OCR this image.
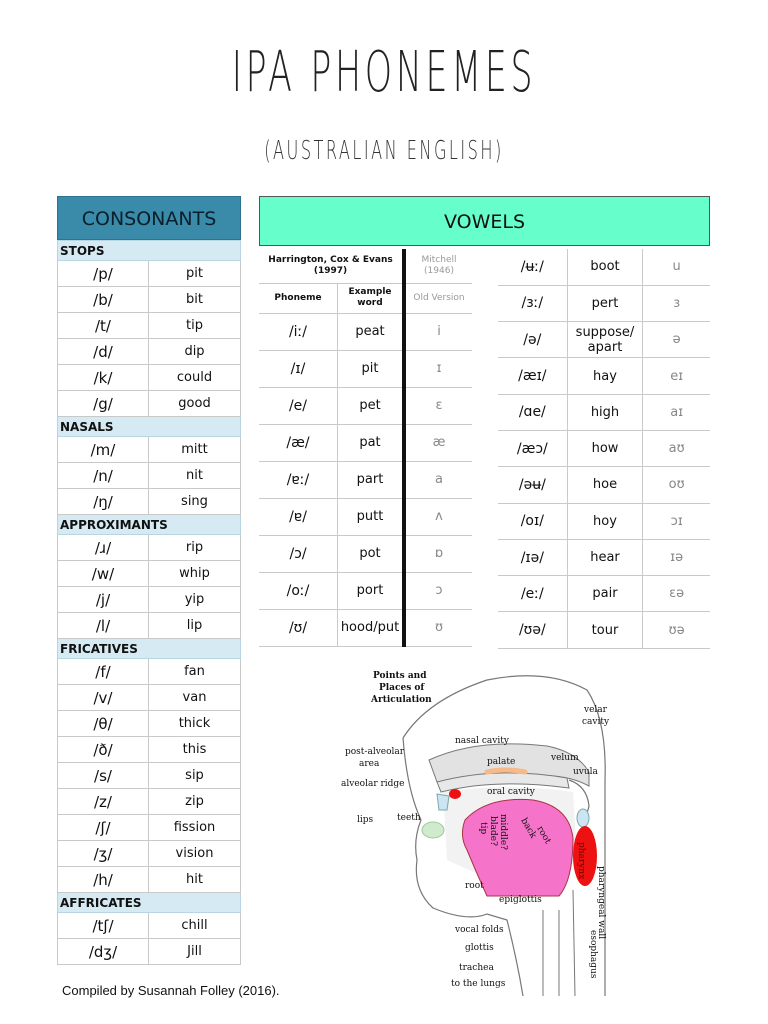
IPA PHONEMES
(AUSTRALIAN ENGLISH)
CONSONANTS
STOPS	
/p/	pit
/b/	bit
/t/	tip
/d/	dip
/k/	could
/g/	good
NASALS	
/m/	mitt
/n/	nit
/ŋ/	sing
APPROXIMANTS	
/ɹ/	rip
/w/	whip
/j/	yip
/l/	lip
FRICATIVES	
/f/	fan
/v/	van
/θ/	thick
/ð/	this
/s/	sip
/z/	zip
/ʃ/	fission
/ʒ/	vision
/h/	hit
AFFRICATES	
/tʃ/	chill
/dʒ/	Jill
VOWELS
Harrington, Cox & Evans (1997)		Mitchell (1946)
Phoneme	Example word	Old Version
/iː/	peat	i
/ɪ/	pit	ɪ
/e/	pet	ɛ
/æ/	pat	æ
/ɐː/	part	a
/ɐ/	putt	ʌ
/ɔ/	pot	ɒ
/oː/	port	ɔ
/ʊ/	hood/put	ʊ
/ʉː/	boot	u
/ɜː/	pert	ɜ
/ə/	suppose/ apart	ə
/æɪ/	hay	eɪ
/ɑe/	high	aɪ
/æɔ/	how	aʊ
/əʉ/	hoe	oʊ
/oɪ/	hoy	ɔɪ
/ɪə/	hear	ɪə
/eː/	pair	ɛə
/ʊə/	tour	ʊə
Points and
Places of
Articulation
velar
cavity
nasal cavity
post-alveolar
area	palate	velum
uvula
alveolar ridge
oral cavity
lips	teeth	back
root
middle?
blade?
tip
pharynx
pharyngeal wall
root
epiglottis
vocal folds
glottis
trachea
to the lungs
esophagus
Compiled by Susannah Folley (2016).
